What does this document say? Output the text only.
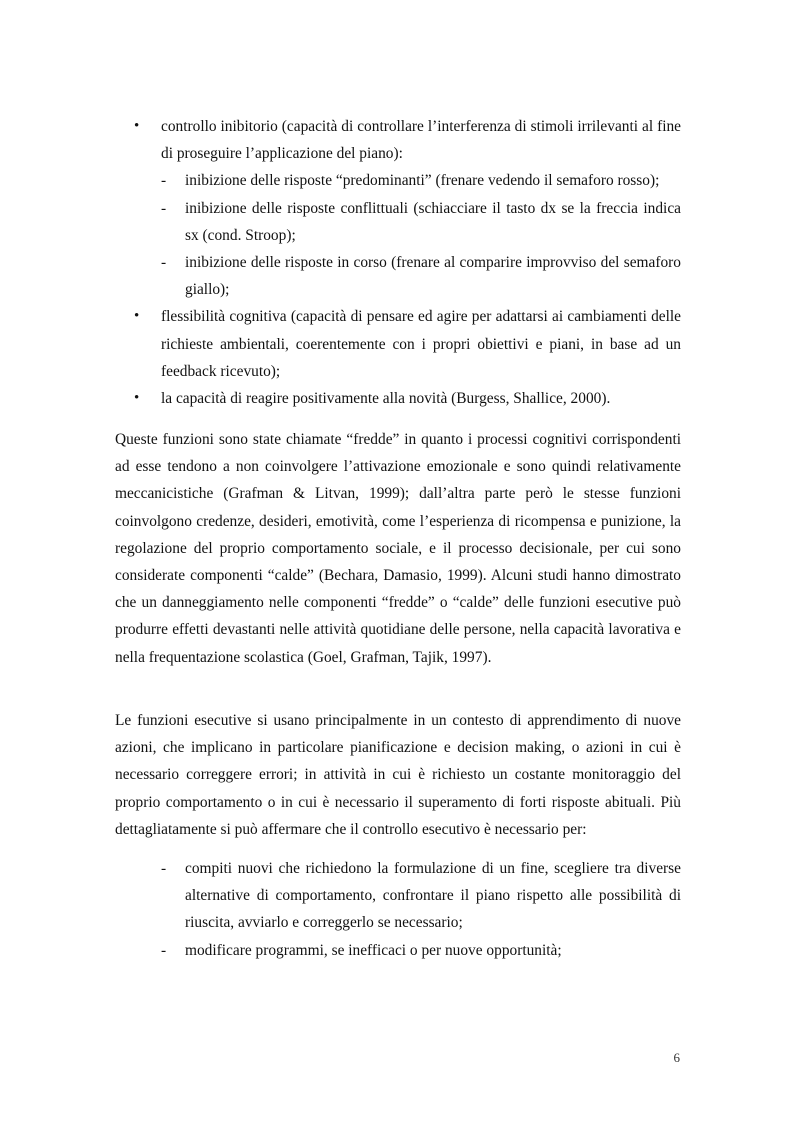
• controllo inibitorio (capacità di controllare l’interferenza di stimoli irrilevanti al fine di proseguire l’applicazione del piano):
- inibizione delle risposte “predominanti” (frenare vedendo il semaforo rosso);
- inibizione delle risposte conflittuali (schiacciare il tasto dx se la freccia indica sx (cond. Stroop);
- inibizione delle risposte in corso (frenare al comparire improvviso del semaforo giallo);
• flessibilità cognitiva (capacità di pensare ed agire per adattarsi ai cambiamenti delle richieste ambientali, coerentemente con i propri obiettivi e piani, in base ad un feedback ricevuto);
• la capacità di reagire positivamente alla novità (Burgess, Shallice, 2000).

Queste funzioni sono state chiamate “fredde” in quanto i processi cognitivi corrispondenti ad esse tendono a non coinvolgere l’attivazione emozionale e sono quindi relativamente meccanicistiche (Grafman & Litvan, 1999); dall’altra parte però le stesse funzioni coinvolgono credenze, desideri, emotività, come l’esperienza di ricompensa e punizione, la regolazione del proprio comportamento sociale, e il processo decisionale, per cui sono considerate componenti “calde” (Bechara, Damasio, 1999). Alcuni studi hanno dimostrato che un danneggiamento nelle componenti “fredde” o “calde” delle funzioni esecutive può produrre effetti devastanti nelle attività quotidiane delle persone, nella capacità lavorativa e nella frequentazione scolastica (Goel, Grafman, Tajik, 1997).

Le funzioni esecutive si usano principalmente in un contesto di apprendimento di nuove azioni, che implicano in particolare pianificazione e decision making, o azioni in cui è necessario correggere errori; in attività in cui è richiesto un costante monitoraggio del proprio comportamento o in cui è necessario il superamento di forti risposte abituali. Più dettagliatamente si può affermare che il controllo esecutivo è necessario per:

- compiti nuovi che richiedono la formulazione di un fine, scegliere tra diverse alternative di comportamento, confrontare il piano rispetto alle possibilità di riuscita, avviarlo e correggerlo se necessario;
- modificare programmi, se inefficaci o per nuove opportunità;
6
